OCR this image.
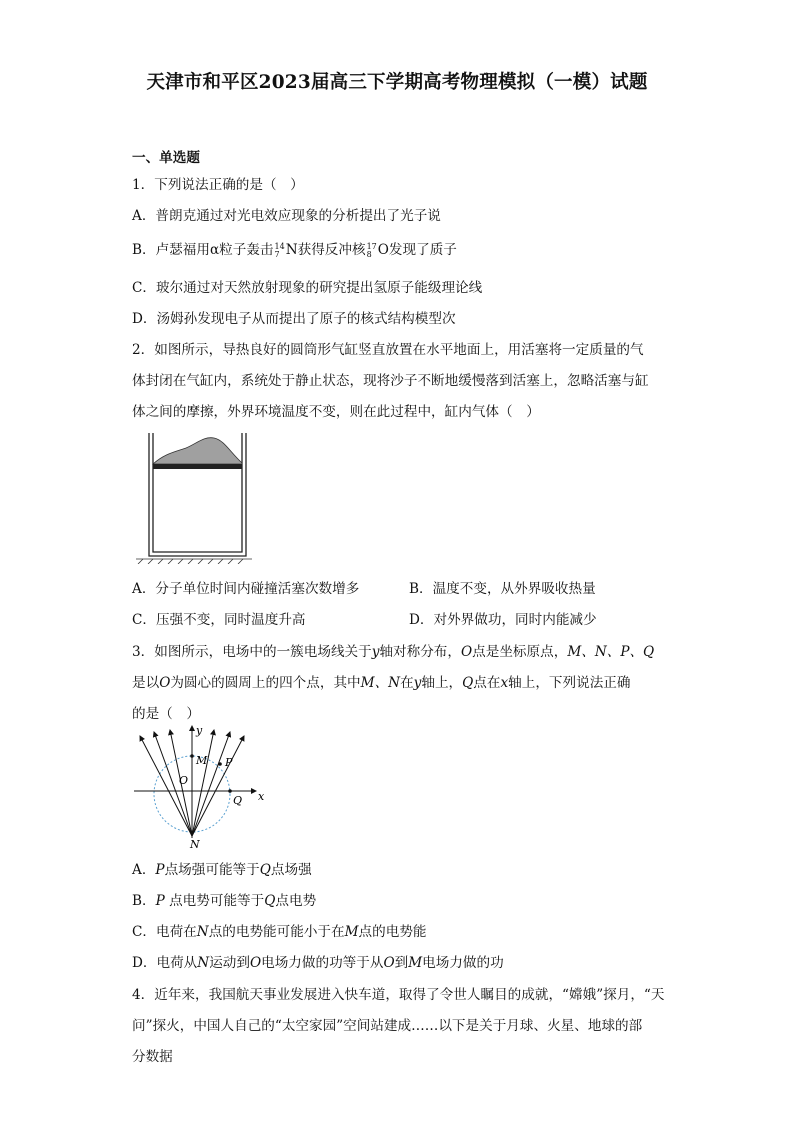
天津市和平区2023届高三下学期高考物理模拟（一模）试题
一、单选题
1．下列说法正确的是（　）
A．普朗克通过对光电效应现象的分析提出了光子说
B．卢瑟福用α粒子轰击 14
7 N获得反冲核 17
8 O发现了质子
C．玻尔通过对天然放射现象的研究提出氢原子能级理论线
D．汤姆孙发现电子从而提出了原子的核式结构模型次
2．如图所示，导热良好的圆筒形气缸竖直放置在水平地面上，用活塞将一定质量的气
体封闭在气缸内，系统处于静止状态，现将沙子不断地缓慢落到活塞上，忽略活塞与缸
体之间的摩擦，外界环境温度不变，则在此过程中，缸内气体（　）
A．分子单位时间内碰撞活塞次数增多	B．温度不变，从外界吸收热量
C．压强不变，同时温度升高	D．对外界做功，同时内能减少
3．如图所示，电场中的一簇电场线关于y轴对称分布，O点是坐标原点，M、N、P、Q
是以O为圆心的圆周上的四个点，其中M、N在y轴上，Q点在x轴上，下列说法正确
的是（　）
y
x
O
M P
Q
N
A．P点场强可能等于Q点场强
B．P 点电势可能等于Q点电势
C．电荷在N点的电势能可能小于在M点的电势能
D．电荷从N运动到O电场力做的功等于从O到M电场力做的功
4．近年来，我国航天事业发展进入快车道，取得了令世人瞩目的成就，“嫦娥”探月，“天
问”探火，中国人自己的“太空家园”空间站建成……以下是关于月球、火星、地球的部
分数据
